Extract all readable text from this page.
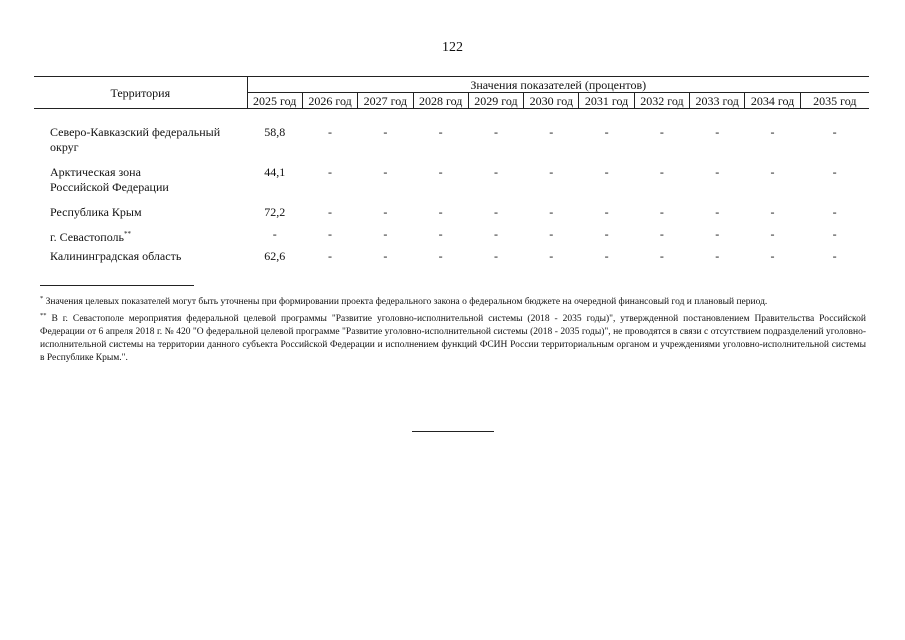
122
Территория	Значения показателей (процентов)										
	2025 год	2026 год	2027 год	2028 год	2029 год	2030 год	2031 год	2032 год	2033 год	2034 год	2035 год

Северо-Кавказский федеральный
округ	58,8	-	-	-	-	-	-	-	-	-	-
Арктическая зона
Российской Федерации	44,1	-	-	-	-	-	-	-	-	-	-
Республика Крым	72,2	-	-	-	-	-	-	-	-	-	-
г. Севастополь**	-	-	-	-	-	-	-	-	-	-	-
Калининградская область	62,6	-	-	-	-	-	-	-	-	-	-

* Значения целевых показателей могут быть уточнены при формировании проекта федерального закона о федеральном бюджете на очередной финансовый год и плановый период.

** В г. Севастополе мероприятия федеральной целевой программы "Развитие уголовно-исполнительной системы (2018 - 2035 годы)", утвержденной постановлением Правительства Российской Федерации от 6 апреля 2018 г. № 420 "О федеральной целевой программе "Развитие уголовно-исполнительной системы (2018 - 2035 годы)", не проводятся в связи с отсутствием подразделений уголовно-исполнительной системы на территории данного субъекта Российской Федерации и исполнением функций ФСИН России территориальным органом и учреждениями уголовно-исполнительной системы в Республике Крым.".
